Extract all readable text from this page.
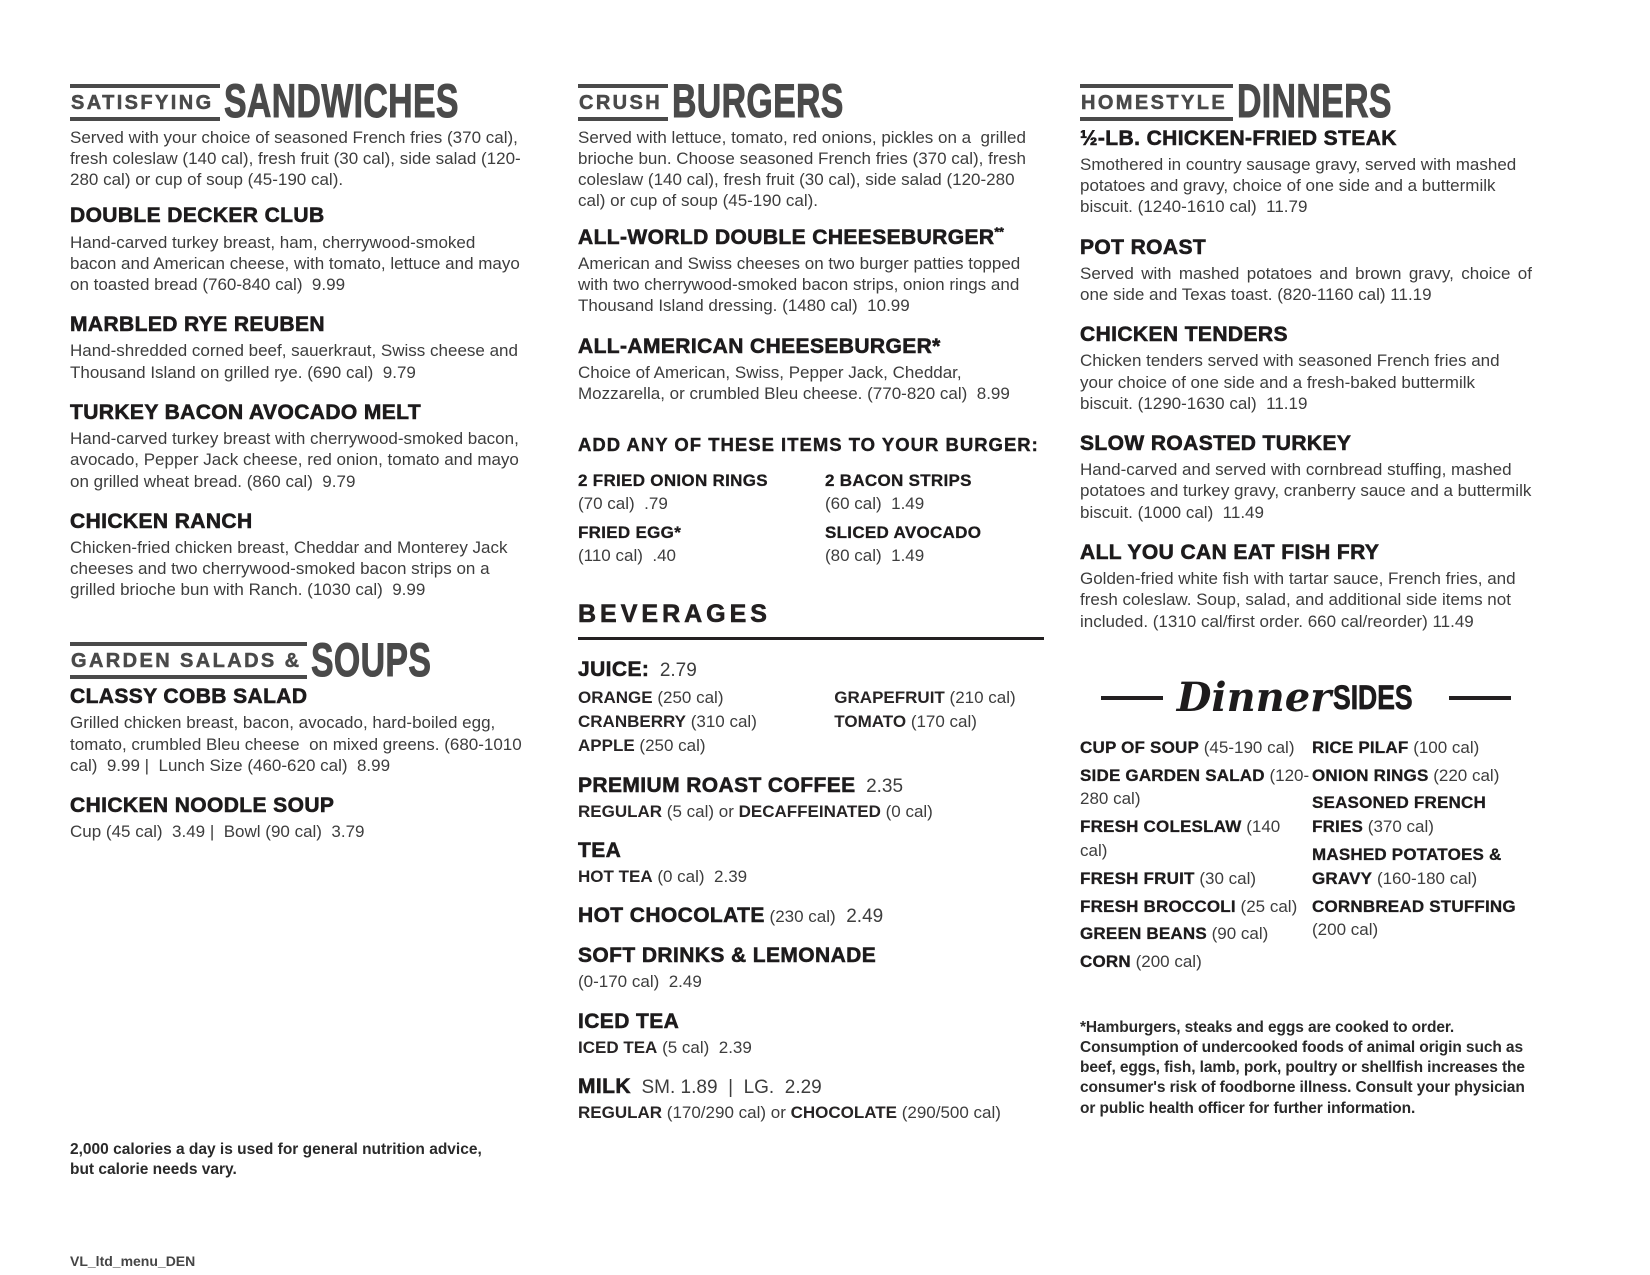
SATISFYING SANDWICHES

Served with your choice of seasoned French fries (370 cal), fresh coleslaw (140 cal), fresh fruit (30 cal), side salad (120-280 cal) or cup of soup (45-190 cal).

DOUBLE DECKER CLUB
Hand-carved turkey breast, ham, cherrywood-smoked bacon and American cheese, with tomato, lettuce and mayo on toasted bread (760-840 cal)  9.99
MARBLED RYE REUBEN
Hand-shredded corned beef, sauerkraut, Swiss cheese and Thousand Island on grilled rye. (690 cal)  9.79
TURKEY BACON AVOCADO MELT
Hand-carved turkey breast with cherrywood-smoked bacon, avocado, Pepper Jack cheese, red onion, tomato and mayo on grilled wheat bread. (860 cal)  9.79
CHICKEN RANCH
Chicken-fried chicken breast, Cheddar and Monterey Jack cheeses and two cherrywood-smoked bacon strips on a grilled brioche bun with Ranch. (1030 cal)  9.99
GARDEN SALADS & SOUPS
CLASSY COBB SALAD
Grilled chicken breast, bacon, avocado, hard-boiled egg, tomato, crumbled Bleu cheese  on mixed greens. (680-1010 cal)  9.99 |  Lunch Size (460-620 cal)  8.99
CHICKEN NOODLE SOUP
Cup (45 cal)  3.49 |  Bowl (90 cal)  3.79
CRUSH BURGERS

Served with lettuce, tomato, red onions, pickles on a  grilled brioche bun. Choose seasoned French fries (370 cal), fresh coleslaw (140 cal), fresh fruit (30 cal), side salad (120-280 cal) or cup of soup (45-190 cal).

ALL-WORLD DOUBLE CHEESEBURGER**
American and Swiss cheeses on two burger patties topped with two cherrywood-smoked bacon strips, onion rings and Thousand Island dressing. (1480 cal)  10.99
ALL-AMERICAN CHEESEBURGER*
Choice of American, Swiss, Pepper Jack, Cheddar, Mozzarella, or crumbled Bleu cheese. (770-820 cal)  8.99
ADD ANY OF THESE ITEMS TO YOUR BURGER:
2 FRIED ONION RINGS
(70 cal) .79
FRIED EGG*
(110 cal) .40
2 BACON STRIPS
(60 cal) 1.49
SLICED AVOCADO
(80 cal) 1.49
BEVERAGES
JUICE: 2.79
ORANGE (250 cal)
CRANBERRY (310 cal)
APPLE (250 cal)
GRAPEFRUIT (210 cal)
TOMATO (170 cal)
PREMIUM ROAST COFFEE 2.35
REGULAR (5 cal) or DECAFFEINATED (0 cal)
TEA
HOT TEA (0 cal)  2.39
HOT CHOCOLATE (230 cal) 2.49
SOFT DRINKS & LEMONADE
(0-170 cal)  2.49
ICED TEA
ICED TEA (5 cal)  2.39
MILK SM. 1.89  |  LG.  2.29
REGULAR (170/290 cal) or CHOCOLATE (290/500 cal)
HOMESTYLE DINNERS
½-LB. CHICKEN-FRIED STEAK
Smothered in country sausage gravy, served with mashed potatoes and gravy, choice of one side and a buttermilk biscuit. (1240-1610 cal)  11.79
POT ROAST
Served with mashed potatoes and brown gravy, choice of one side and Texas toast. (820-1160 cal) 11.19
CHICKEN TENDERS
Chicken tenders served with seasoned French fries and your choice of one side and a fresh-baked buttermilk biscuit. (1290-1630 cal)  11.19
SLOW ROASTED TURKEY
Hand-carved and served with cornbread stuffing, mashed potatoes and turkey gravy, cranberry sauce and a buttermilk biscuit. (1000 cal)  11.49
ALL YOU CAN EAT FISH FRY
Golden-fried white fish with tartar sauce, French fries, and fresh coleslaw. Soup, salad, and additional side items not included. (1310 cal/first order. 660 cal/reorder) 11.49
Dinner SIDES
CUP OF SOUP (45-190 cal)
SIDE GARDEN SALAD (120-280 cal)
FRESH COLESLAW (140 cal)
FRESH FRUIT (30 cal)
FRESH BROCCOLI (25 cal)
GREEN BEANS (90 cal)
CORN (200 cal)
RICE PILAF (100 cal)
ONION RINGS (220 cal)
SEASONED FRENCH FRIES (370 cal)
MASHED POTATOES & GRAVY (160-180 cal)
CORNBREAD STUFFING (200 cal)
*Hamburgers, steaks and eggs are cooked to order. Consumption of undercooked foods of animal origin such as beef, eggs, fish, lamb, pork, poultry or shellfish increases the consumer's risk of foodborne illness. Consult your physician or public health officer for further information.
2,000 calories a day is used for general nutrition advice, but calorie needs vary.
VL_ltd_menu_DEN
